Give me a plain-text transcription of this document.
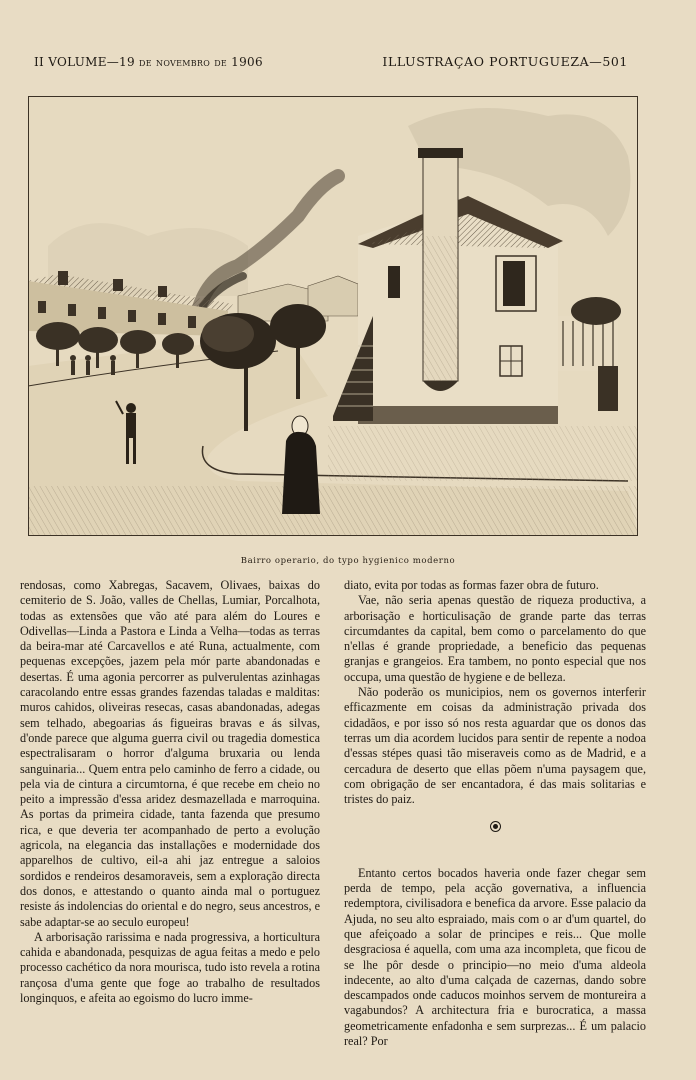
II VOLUME—19 de novembro de 1906	ILLUSTRAÇAO PORTUGUEZA—501
Bairro operario, do typo hygienico moderno

rendosas, como Xabregas, Sacavem, Olivaes, baixas do cemiterio de S. João, valles de Chellas, Lumiar, Porcalhota, todas as extensões que vão até para além do Loures e Odivellas—Linda a Pastora e Linda a Velha—todas as terras da beira-mar até Carcavellos e até Runa, actualmente, com pequenas excepções, jazem pela mór parte abandonadas e desertas. É uma agonia percorrer as pulverulentas azinhagas caracolando entre essas grandes fazendas taladas e malditas: muros cahidos, oliveiras resecas, casas abandonadas, adegas sem telhado, abegoarias ás figueiras bravas e ás silvas, d'onde parece que alguma guerra civil ou tragedia domestica espectralisaram o horror d'alguma bruxaria ou lenda sanguinaria... Quem entra pelo caminho de ferro a cidade, ou pela via de cintura a circumtorna, é que recebe em cheio no peito a impressão d'essa aridez desmazellada e marroquina. As portas da primeira cidade, tanta fazenda que presumo rica, e que deveria ter acompanhado de perto a evolução agricola, na elegancia das installações e modernidade dos apparelhos de cultivo, eil-a ahi jaz entregue a saloios sordidos e rendeiros desamoraveis, sem a exploração directa dos donos, e attestando o quanto ainda mal o portuguez resiste ás indolencias do oriental e do negro, seus ancestros, e sabe adaptar-se ao seculo europeu!

A arborisação rarissima e nada progressiva, a horticultura cahida e abandonada, pesquizas de agua feitas a medo e pelo processo cachético da nora mourisca, tudo isto revela a rotina rançosa d'uma gente que foge ao trabalho de resultados longinquos, e afeita ao egoismo do lucro imme-

diato, evita por todas as formas fazer obra de futuro.

Vae, não seria apenas questão de riqueza productiva, a arborisação e horticulisação de grande parte das terras circumdantes da capital, bem como o parcelamento do que n'ellas é grande propriedade, a beneficio das pequenas granjas e grangeios. Era tambem, no ponto especial que nos occupa, uma questão de hygiene e de belleza.

Não poderão os municipios, nem os governos interferir efficazmente em coisas da administração privada dos cidadãos, e por isso só nos resta aguardar que os donos das terras um dia acordem lucidos para sentir de repente a nodoa d'essas stépes quasi tão miseraveis como as de Madrid, e a cercadura de deserto que ellas põem n'uma paysagem que, com obrigação de ser encantadora, é das mais solitarias e tristes do paiz.

Entanto certos bocados haveria onde fazer chegar sem perda de tempo, pela acção governativa, a influencia redemptora, civilisadora e benefica da arvore. Esse palacio da Ajuda, no seu alto espraiado, mais com o ar d'um quartel, do que afeiçoado a solar de principes e reis... Que molle desgraciosa é aquella, com uma aza incompleta, que ficou de se lhe pôr desde o principio—no meio d'uma aldeola indecente, ao alto d'uma calçada de cazernas, dando sobre descampados onde caducos moinhos servem de montureira a vagabundos? A architectura fria e burocratica, a massa geometricamente enfadonha e sem surprezas... É um palacio real? Por
